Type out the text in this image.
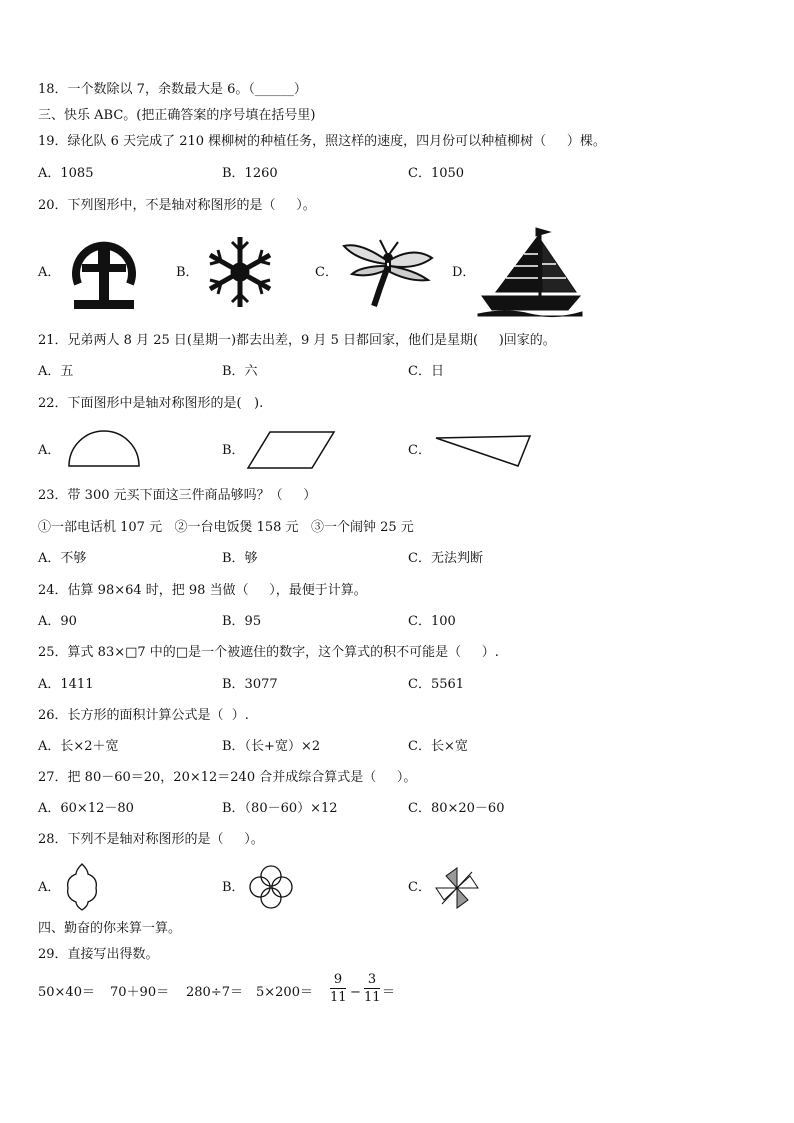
18．一个数除以 7，余数最大是 6。（______）
三、快乐 ABC。(把正确答案的序号填在括号里)
19．绿化队 6 天完成了 210 棵柳树的种植任务，照这样的速度，四月份可以种植柳树（     ）棵。
A．1085	B．1260	C．1050
20．下列图形中，不是轴对称图形的是（     ）。
A．	B．	C．	D．
21．兄弟两人 8 月 25 日(星期一)都去出差，9 月 5 日都回家，他们是星期(     )回家的。
A．五	B．六	C．日
22．下面图形中是轴对称图形的是(   ).
A．	B．	C．
23．带 300 元买下面这三件商品够吗？（     ）
①一部电话机 107 元   ②一台电饭煲 158 元   ③一个闹钟 25 元
A．不够	B．够	C．无法判断
24．估算 98×64 时，把 98 当做（     ），最便于计算。
A．90	B．95	C．100
25．算式 83×□7 中的□是一个被遮住的数字，这个算式的积不可能是（     ）.
A．1411	B．3077	C．5561
26．长方形的面积计算公式是（  ）.
A．长×2＋宽	B．（长+宽）×2	C．长×宽
27．把 80－60＝20，20×12＝240 合并成综合算式是（     ）。
A．60×12－80	B．（80－60）×12	C．80×20－60
28．下列不是轴对称图形的是（     ）。
A．	B．	C．
四、勤奋的你来算一算。
29．直接写出得数。
50×40＝ 70＋90＝ 280÷7＝ 5×200＝
9
11 −
3
11 ＝
